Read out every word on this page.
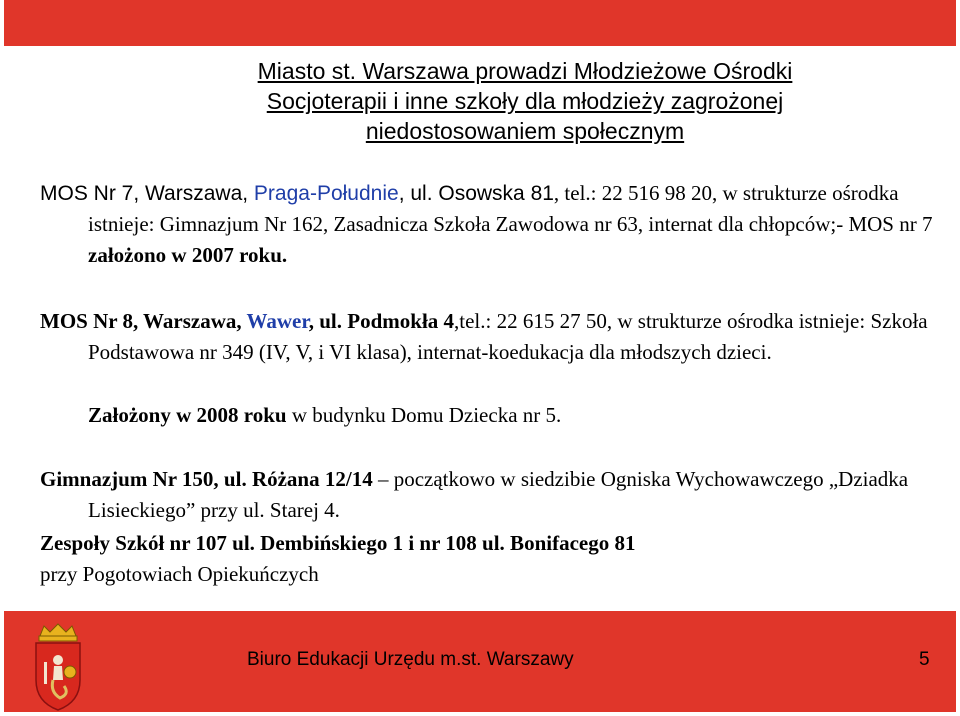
Miasto st. Warszawa prowadzi Młodzieżowe Ośrodki
Socjoterapii i inne szkoły dla młodzieży zagrożonej
niedostosowaniem społecznym
MOS Nr 7, Warszawa, Praga-Południe, ul. Osowska 81, tel.: 22 516 98 20, w strukturze ośrodka istnieje: Gimnazjum Nr 162, Zasadnicza Szkoła Zawodowa nr 63, internat dla chłopców;- MOS nr 7 założono w 2007 roku.
MOS Nr 8, Warszawa, Wawer, ul. Podmokła 4,tel.: 22 615 27 50, w strukturze ośrodka istnieje: Szkoła Podstawowa nr 349 (IV, V, i VI klasa), internat-koedukacja dla młodszych dzieci.
Założony w 2008 roku w budynku Domu Dziecka nr 5.
Gimnazjum Nr 150, ul. Różana 12/14 – początkowo w siedzibie Ogniska Wychowawczego „Dziadka Lisieckiego” przy ul. Starej 4.
Zespoły Szkół nr 107 ul. Dembińskiego 1 i nr 108 ul. Bonifacego 81
przy Pogotowiach Opiekuńczych
Biuro Edukacji Urzędu m.st. Warszawy	5
